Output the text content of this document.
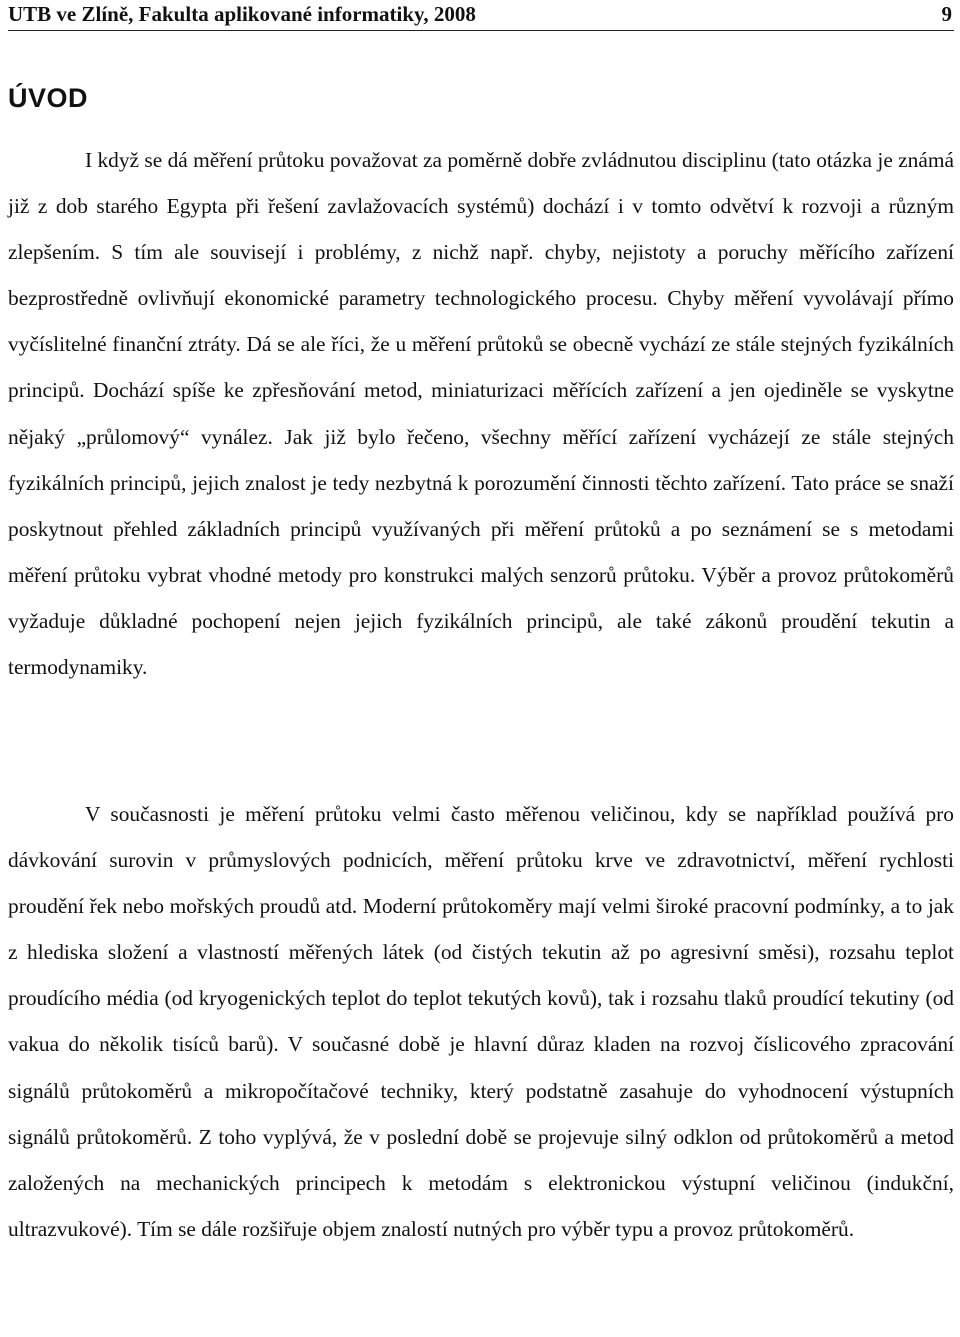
UTB ve Zlíně, Fakulta aplikované informatiky, 2008	9
ÚVOD

I když se dá měření průtoku považovat za poměrně dobře zvládnutou disciplinu (tato otázka je známá již z dob starého Egypta při řešení zavlažovacích systémů) dochází i v tomto odvětví k rozvoji a různým zlepšením. S tím ale souvisejí i problémy, z nichž např. chyby, nejistoty a poruchy měřícího zařízení bezprostředně ovlivňují ekonomické parametry technologického procesu. Chyby měření vyvolávají přímo vyčíslitelné finanční ztráty. Dá se ale říci, že u měření průtoků se obecně vychází ze stále stejných fyzikálních principů. Dochází spíše ke zpřesňování metod, miniaturizaci měřících zařízení a jen ojediněle se vyskytne nějaký „průlomový“ vynález. Jak již bylo řečeno, všechny měřící zařízení vycházejí ze stále stejných fyzikálních principů, jejich znalost je tedy nezbytná k porozumění činnosti těchto zařízení. Tato práce se snaží poskytnout přehled základních principů využívaných při měření průtoků a po seznámení se s metodami měření průtoku vybrat vhodné metody pro konstrukci malých senzorů průtoku. Výběr a provoz průtokoměrů vyžaduje důkladné pochopení nejen jejich fyzikálních principů, ale také zákonů proudění tekutin a termodynamiky.

V současnosti je měření průtoku velmi často měřenou veličinou, kdy se například používá pro dávkování surovin v průmyslových podnicích, měření průtoku krve ve zdravotnictví, měření rychlosti proudění řek nebo mořských proudů atd. Moderní průtokoměry mají velmi široké pracovní podmínky, a to jak z hlediska složení a vlastností měřených látek (od čistých tekutin až po agresivní směsi), rozsahu teplot proudícího média (od kryogenických teplot do teplot tekutých kovů), tak i rozsahu tlaků proudící tekutiny (od vakua do několik tisíců barů). V současné době je hlavní důraz kladen na rozvoj číslicového zpracování signálů průtokoměrů a mikropočítačové techniky, který podstatně zasahuje do vyhodnocení výstupních signálů průtokoměrů. Z toho vyplývá, že v poslední době se projevuje silný odklon od průtokoměrů a metod založených na mechanických principech k metodám s elektronickou výstupní veličinou (indukční, ultrazvukové). Tím se dále rozšiřuje objem znalostí nutných pro výběr typu a provoz průtokoměrů.
